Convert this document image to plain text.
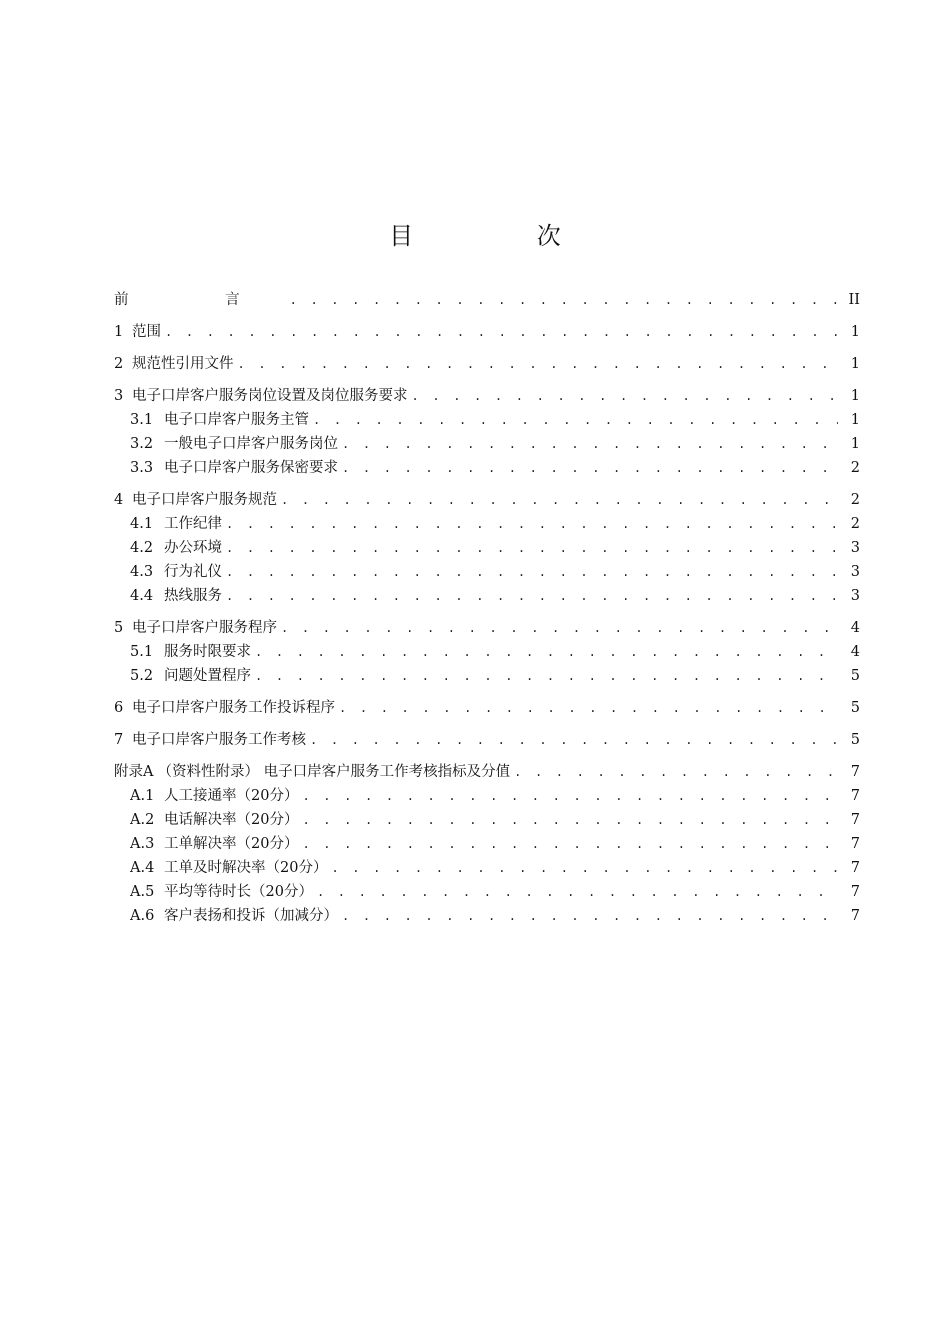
目 次
前 言 . . .	II
1 范围 . . .	1
2 规范性引用文件 . . .	1
3 电子口岸客户服务岗位设置及岗位服务要求 . . .	1
3.1 电子口岸客户服务主管 . . .	1
3.2 一般电子口岸客户服务岗位 . . .	1
3.3 电子口岸客户服务保密要求 . . .	2
4 电子口岸客户服务规范 . . .	2
4.1 工作纪律 . . .	2
4.2 办公环境 . . .	3
4.3 行为礼仪 . . .	3
4.4 热线服务 . . .	3
5 电子口岸客户服务程序 . . .	4
5.1 服务时限要求 . . .	4
5.2 问题处置程序 . . .	5
6 电子口岸客户服务工作投诉程序 . . .	5
7 电子口岸客户服务工作考核 . . .	5
附录A （资料性附录） 电子口岸客户服务工作考核指标及分值 . . .	7
A.1 人工接通率（20分） . . .	7
A.2 电话解决率（20分） . . .	7
A.3 工单解决率（20分） . . .	7
A.4 工单及时解决率（20分） . . .	7
A.5 平均等待时长（20分） . . .	7
A.6 客户表扬和投诉（加减分） . . .	7
